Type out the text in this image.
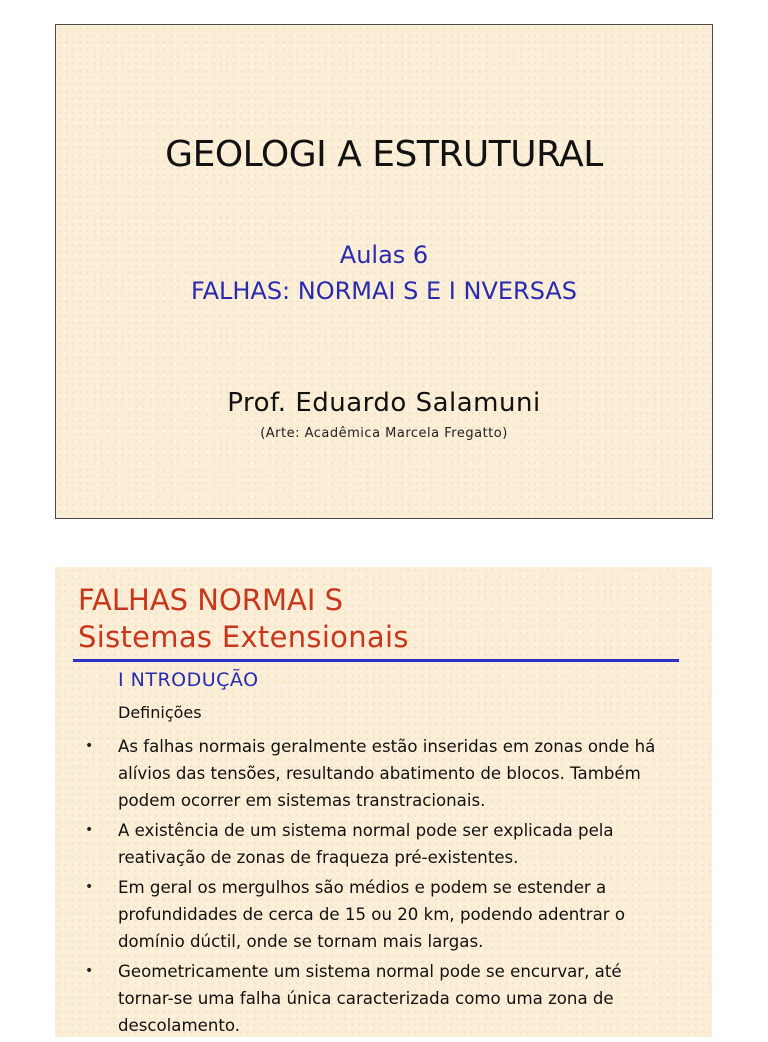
GEOLOGI A ESTRUTURAL
Aulas 6
FALHAS: NORMAI S E I NVERSAS
Prof. Eduardo Salamuni
(Arte: Acadêmica Marcela Fregatto)
FALHAS NORMAI S
Sistemas Extensionais
I NTRODUÇÃO
Definições
• As falhas normais geralmente estão inseridas em zonas onde há alívios das tensões, resultando abatimento de blocos. Também podem ocorrer em sistemas transtracionais.
• A existência de um sistema normal pode ser explicada pela reativação de zonas de fraqueza pré-existentes.
• Em geral os mergulhos são médios e podem se estender a profundidades de cerca de 15 ou 20 km, podendo adentrar o domínio dúctil, onde se tornam mais largas.
• Geometricamente um sistema normal pode se encurvar, até tornar-se uma falha única caracterizada como uma zona de descolamento.
